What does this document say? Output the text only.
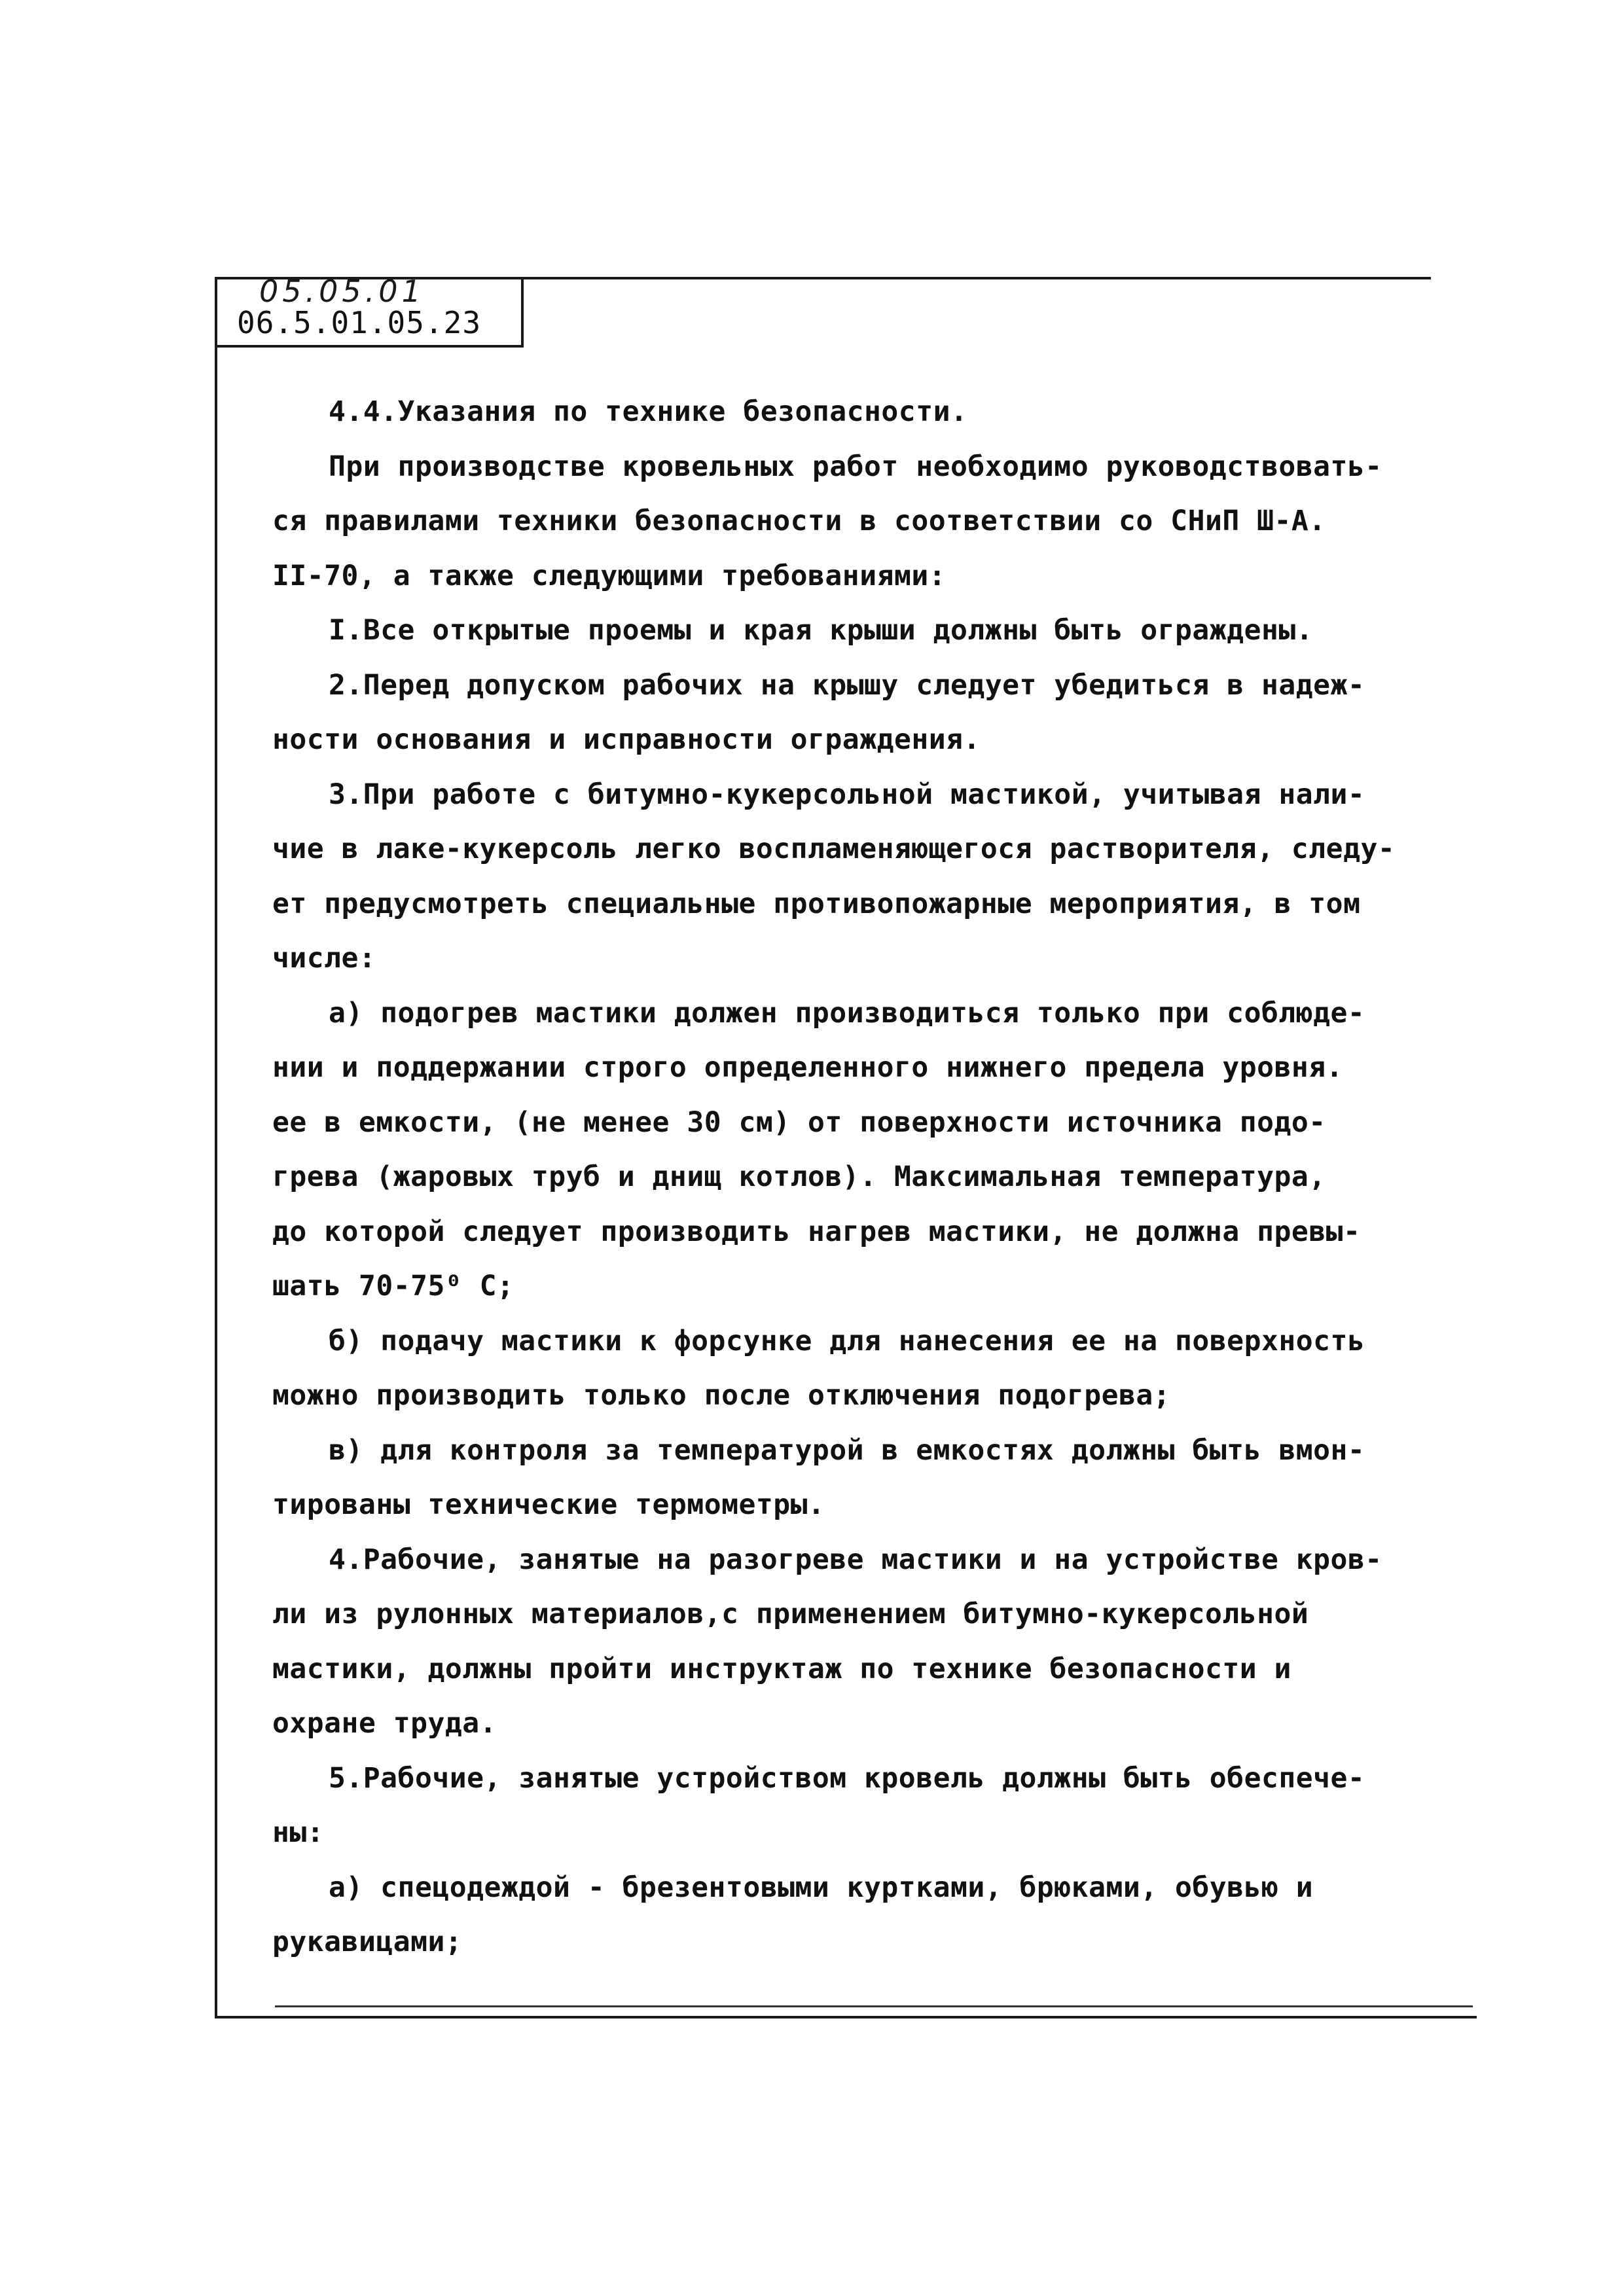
05.05.01
06.5.01.05.23
4.4.Указания по технике безопасности.
При производстве кровельных работ необходимо руководствовать-
ся правилами техники безопасности в соответствии со СНиП Ш-А.
II-70, а также следующими требованиями:
I.Все открытые проемы и края крыши должны быть ограждены.
2.Перед допуском рабочих на крышу следует убедиться в надеж-
ности основания и исправности ограждения.
3.При работе с битумно-кукерсольной мастикой, учитывая нали-
чие в лаке-кукерсоль легко воспламеняющегося растворителя, следу-
ет предусмотреть специальные противопожарные мероприятия, в том
числе:
а) подогрев мастики должен производиться только при соблюде-
нии и поддержании строго определенного нижнего предела уровня.
ее в емкости, (не менее 30 см) от поверхности источника подо-
грева (жаровых труб и днищ котлов). Максимальная температура,
до которой следует производить нагрев мастики, не должна превы-
шать 70-75⁰ С;
б) подачу мастики к форсунке для нанесения ее на поверхность
можно производить только после отключения подогрева;
в) для контроля за температурой в емкостях должны быть вмон-
тированы технические термометры.
4.Рабочие, занятые на разогреве мастики и на устройстве кров-
ли из рулонных материалов,с применением битумно-кукерсольной
мастики, должны пройти инструктаж по технике безопасности и
охране труда.
5.Рабочие, занятые устройством кровель должны быть обеспече-
ны:
а) спецодеждой - брезентовыми куртками, брюками, обувью и
рукавицами;
